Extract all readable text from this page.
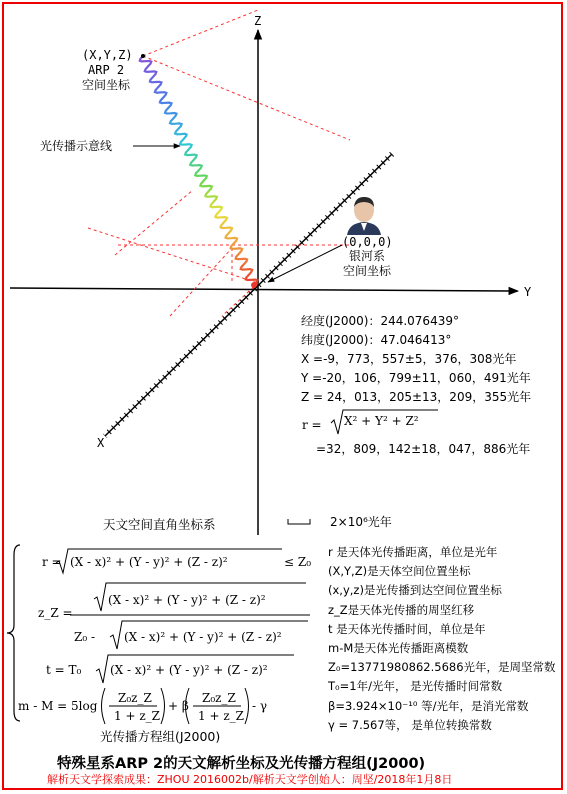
Z
Y
X
(X,Y,Z)
ARP 2
空间坐标
光传播示意线
(0,0,0)
银河系
空间坐标
经度(J2000)：244.076439°
纬度(J2000)：47.046413°
X =-9，773，557±5，376，308光年
Y =-20，106，799±11，060，491光年
Z = 24，013，205±13，209，355光年
r = X² + Y² + Z²
=32，809，142±18，047，886光年
天文空间直角坐标系	2×10⁶光年
r = (X - x)² + (Y - y)² + (Z - z)²	≤ Z₀
z_Z =
(X - x)² + (Y - y)² + (Z - z)²
Z₀ - (X - x)² + (Y - y)² + (Z - z)²
t = T₀ (X - x)² + (Y - y)² + (Z - z)²
m - M = 5log
Z₀z_Z
1 + z_Z
+ β
Z₀z_Z
1 + z_Z
- γ
光传播方程组(J2000)
r 是天体光传播距离，单位是光年
(X,Y,Z)是天体空间位置坐标
(x,y,z)是光传播到达空间位置坐标
z_Z是天体光传播的周坚红移
t 是天体光传播时间，单位是年
m-M是天体光传播距离模数
Z₀=13771980862.5686光年，是周坚常数
T₀=1年/光年， 是光传播时间常数
β=3.924×10⁻¹⁰ 等/光年，是消光常数
γ = 7.567等， 是单位转换常数
特殊星系ARP 2的天文解析坐标及光传播方程组(J2000)
解析天文学探索成果：ZHOU 2016002b/解析天文学创始人：周坚/2018年1月8日
